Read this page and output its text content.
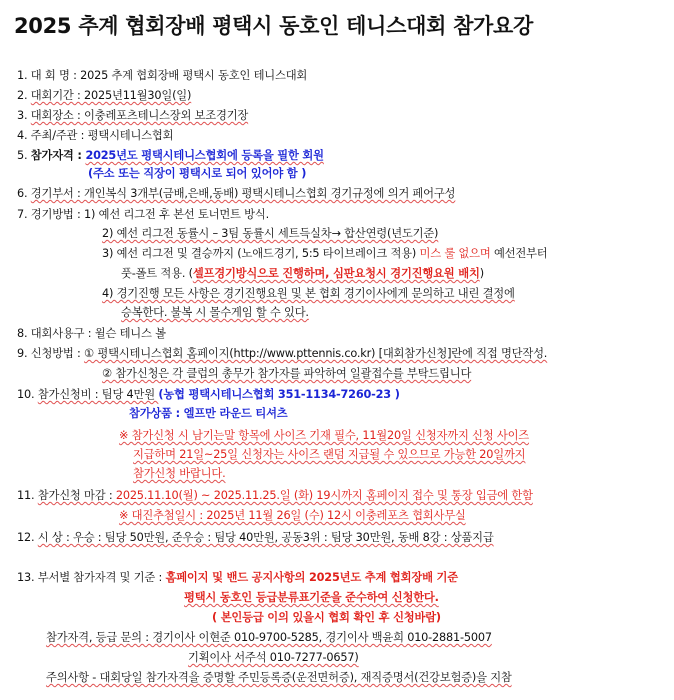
2025 추계 협회장배 평택시 동호인 테니스대회 참가요강
1. 대 회 명 : 2025 추계 협회장배 평택시 동호인 테니스대회
2. 대회기간 : 2025년11월30일(일)
3. 대회장소 : 이충레포츠테니스장외 보조경기장
4. 주최/주관 : 평택시테니스협회
5. 참가자격 : 2025년도 평택시테니스협회에 등록을 필한 회원
(주소 또는 직장이 평택시로 되어 있어야 함 )
6. 경기부서 : 개인복식 3개부(금배,은배,동배) 평택시테니스협회 경기규정에 의거 페어구성
7. 경기방법 : 1) 예선 리그전 후 본선 토너먼트 방식.
2) 예선 리그전 동률시 – 3팀 동률시 세트득실차→ 합산연령(년도기준)
3) 예선 리그전 및 결승까지 (노애드경기, 5:5 타이브레이크 적용) 미스 룰 없으며 예선전부터
풋-폴트 적용. (셀프경기방식으로 진행하며, 심판요청시 경기진행요원 배치)
4) 경기진행 모든 사항은 경기진행요원 및 본 협회 경기이사에게 문의하고 내린 결정에
승복한다. 불복 시 몰수게임 할 수 있다.
8. 대회사용구 : 윌슨 테니스 볼
9. 신청방법 : ① 평택시테니스협회 홈페이지(http://www.pttennis.co.kr) [대회참가신청]란에 직접 명단작성.
② 참가신청은 각 클럽의 총무가 참가자를 파악하여 일괄접수를 부탁드립니다
10. 참가신청비 : 팀당 4만원 (농협 평택시테니스협회 351-1134-7260-23 )
참가상품 : 엘프만 라운드 티셔츠
※ 참가신청 시 남기는말 항목에 사이즈 기재 필수, 11월20일 신청자까지 신청 사이즈
지급하며 21일~25일 신청자는 사이즈 랜덤 지급될 수 있으므로 가능한 20일까지
참가신청 바랍니다.
11. 참가신청 마감 : 2025.11.10(월) ~ 2025.11.25.일 (화) 19시까지 홈페이지 접수 및 통장 입금에 한함
※ 대진추첨일시 : 2025년 11월 26일 (수) 12시 이충레포츠 협회사무실
12. 시 상 : 우승 : 팀당 50만원, 준우승 : 팀당 40만원, 공동3위 : 팀당 30만원, 동배 8강 : 상품지급
13. 부서별 참가자격 및 기준 : 홈페이지 및 밴드 공지사항의 2025년도 추계 협회장배 기준
평택시 동호인 등급분류표기준을 준수하여 신청한다.
( 본인등급 이의 있을시 협회 확인 후 신청바람)
참가자격, 등급 문의 : 경기이사 이현준 010-9700-5285, 경기이사 백윤희 010-2881-5007
기획이사 서주석 010-7277-0657)
주의사항 - 대회당일 참가자격을 증명할 주민등록증(운전면허증), 재직증명서(건강보험증)을 지참
